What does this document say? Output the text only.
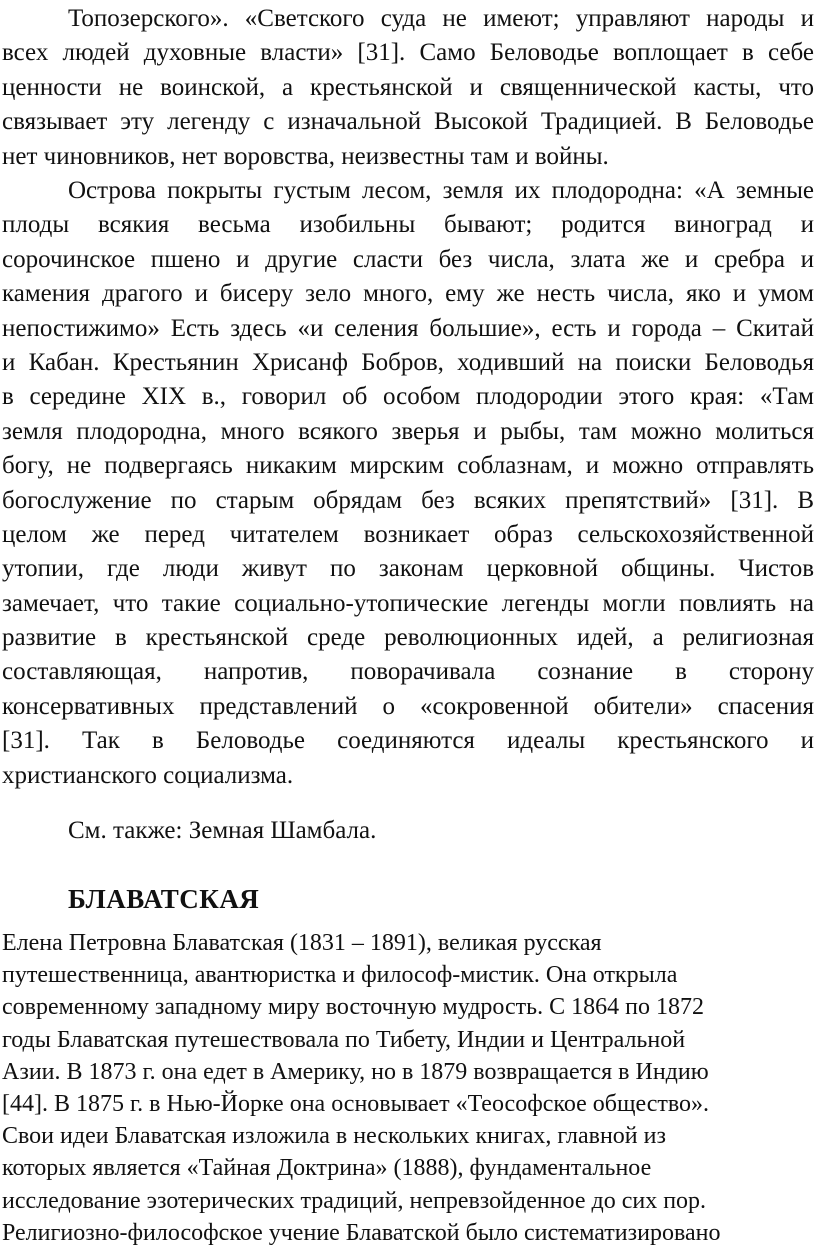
Топозерского». «Светского суда не имеют; управляют народы и
всех людей духовные власти» [31]. Само Беловодье воплощает в себе
ценности не воинской, а крестьянской и священнической касты, что
связывает эту легенду с изначальной Высокой Традицией. В Беловодье
нет чиновников, нет воровства, неизвестны там и войны.
Острова покрыты густым лесом, земля их плодородна: «А земные
плоды всякия весьма изобильны бывают; родится виноград и
сорочинское пшено и другие сласти без числа, злата же и сребра и
камения драгого и бисеру зело много, ему же несть числа, яко и умом
непостижимо» Есть здесь «и селения большие», есть и города – Скитай
и Кабан. Крестьянин Хрисанф Бобров, ходивший на поиски Беловодья
в середине XIX в., говорил об особом плодородии этого края: «Там
земля плодородна, много всякого зверья и рыбы, там можно молиться
богу, не подвергаясь никаким мирским соблазнам, и можно отправлять
богослужение по старым обрядам без всяких препятствий» [31]. В
целом же перед читателем возникает образ сельскохозяйственной
утопии, где люди живут по законам церковной общины. Чистов
замечает, что такие социально-утопические легенды могли повлиять на
развитие в крестьянской среде революционных идей, а религиозная
составляющая, напротив, поворачивала сознание в сторону
консервативных представлений о «сокровенной обители» спасения
[31]. Так в Беловодье соединяются идеалы крестьянского и
христианского социализма.
См. также: Земная Шамбала.
БЛАВАТСКАЯ
Елена Петровна Блаватская (1831 – 1891), великая русская
путешественница, авантюристка и философ-мистик. Она открыла
современному западному миру восточную мудрость. С 1864 по 1872
годы Блаватская путешествовала по Тибету, Индии и Центральной
Азии. В 1873 г. она едет в Америку, но в 1879 возвращается в Индию
[44]. В 1875 г. в Нью-Йорке она основывает «Теософское общество».
Свои идеи Блаватская изложила в нескольких книгах, главной из
которых является «Тайная Доктрина» (1888), фундаментальное
исследование эзотерических традиций, непревзойденное до сих пор.
Религиозно-философское учение Блаватской было систематизировано
